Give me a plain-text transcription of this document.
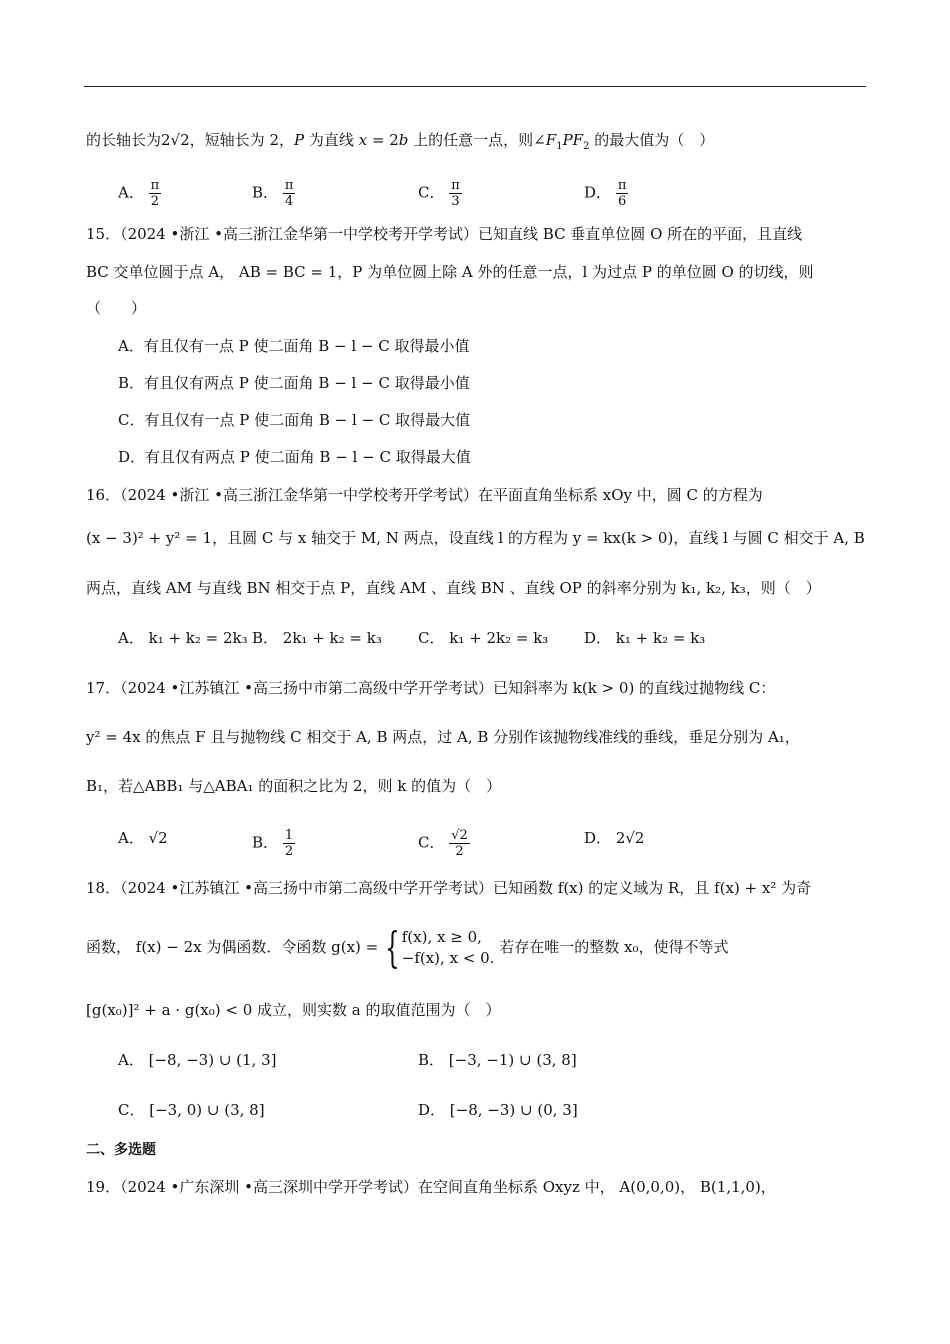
的长轴长为2√2，短轴长为 2，P 为直线 x = 2b 上的任意一点，则$\angle F_1PF_2$ 的最大值为（　）
A． $\frac{\pi}{2}$	B． $\frac{\pi}{4}$	C． $\frac{\pi}{3}$	D． $\frac{\pi}{6}$
15．（2024 •浙江 •高三浙江金华第一中学校考开学考试）已知直线 BC 垂直单位圆 O 所在的平面，且直线
BC 交单位圆于点 A， AB = BC = 1，P 为单位圆上除 A 外的任意一点，l 为过点 P 的单位圆 O 的切线，则
（　　）
A．有且仅有一点 P 使二面角 B − l − C 取得最小值
B．有且仅有两点 P 使二面角 B − l − C 取得最小值
C．有且仅有一点 P 使二面角 B − l − C 取得最大值
D．有且仅有两点 P 使二面角 B − l − C 取得最大值
16．（2024 •浙江 •高三浙江金华第一中学校考开学考试）在平面直角坐标系 xOy 中，圆 C 的方程为
(x − 3)² + y² = 1，且圆 C 与 x 轴交于 M, N 两点，设直线 l 的方程为 y = kx(k > 0)，直线 l 与圆 C 相交于 A, B
两点，直线 AM 与直线 BN 相交于点 P，直线 AM 、直线 BN 、直线 OP 的斜率分别为 k₁, k₂, k₃，则（　）
A． k₁ + k₂ = 2k₃ B． 2k₁ + k₂ = k₃ C． k₁ + 2k₂ = k₃ D． k₁ + k₂ = k₃
17．（2024 •江苏镇江 •高三扬中市第二高级中学开学考试）已知斜率为 k(k > 0) 的直线过抛物线 C：
y² = 4x 的焦点 F 且与抛物线 C 相交于 A, B 两点，过 A, B 分别作该抛物线准线的垂线，垂足分别为 A₁，
B₁，若△ABB₁ 与△ABA₁ 的面积之比为 2，则 k 的值为（　）
A． √2	B． $\frac{1}{2}$	C． $\frac{√2}{2}$	D． 2√2
18．（2024 •江苏镇江 •高三扬中市第二高级中学开学考试）已知函数 f(x) 的定义域为 R，且 f(x) + x² 为奇
函数， f(x) − 2x 为偶函数．令函数 g(x) = { f(x), x ≥ 0,
−f(x), x < 0.
若存在唯一的整数 x₀，使得不等式
[g(x₀)]² + a · g(x₀) < 0 成立，则实数 a 的取值范围为（　）
A． [−8, −3) ∪ (1, 3]	B． [−3, −1) ∪ (3, 8]
C． [−3, 0) ∪ (3, 8]	D． [−8, −3) ∪ (0, 3]
二、多选题
19．（2024 •广东深圳 •高三深圳中学开学考试）在空间直角坐标系 Oxyz 中， A(0,0,0)， B(1,1,0)，
